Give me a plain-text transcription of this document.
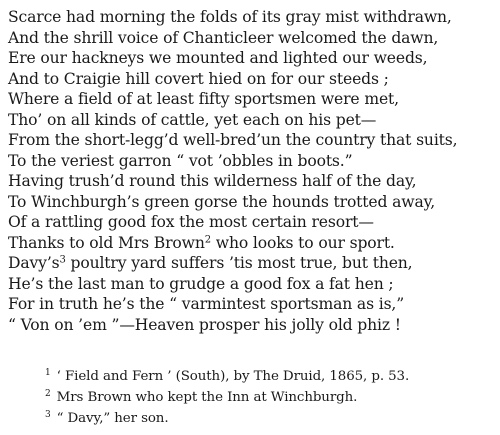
Scarce had morning the folds of its gray mist withdrawn,
And the shrill voice of Chanticleer welcomed the dawn,
Ere our hackneys we mounted and lighted our weeds,
And to Craigie hill covert hied on for our steeds ;
Where a field of at least fifty sportsmen were met,
Tho’ on all kinds of cattle, yet each on his pet—
From the short-legg’d well-bred’un the country that suits,
To the veriest garron “ vot ’obbles in boots.”
Having trush’d round this wilderness half of the day,
To Winchburgh’s green gorse the hounds trotted away,
Of a rattling good fox the most certain resort—
Thanks to old Mrs Brown$^2$ who looks to our sport.
Davy’s$^3$ poultry yard suffers ’tis most true, but then,
He’s the last man to grudge a good fox a fat hen ;
For in truth he’s the “ varmintest sportsman as is,”
“ Von on ’em ”—Heaven prosper his jolly old phiz !
$^1$ ‘ Field and Fern ’ (South), by The Druid, 1865, p. 53.
$^2$ Mrs Brown who kept the Inn at Winchburgh.
$^3$ “ Davy,” her son.
